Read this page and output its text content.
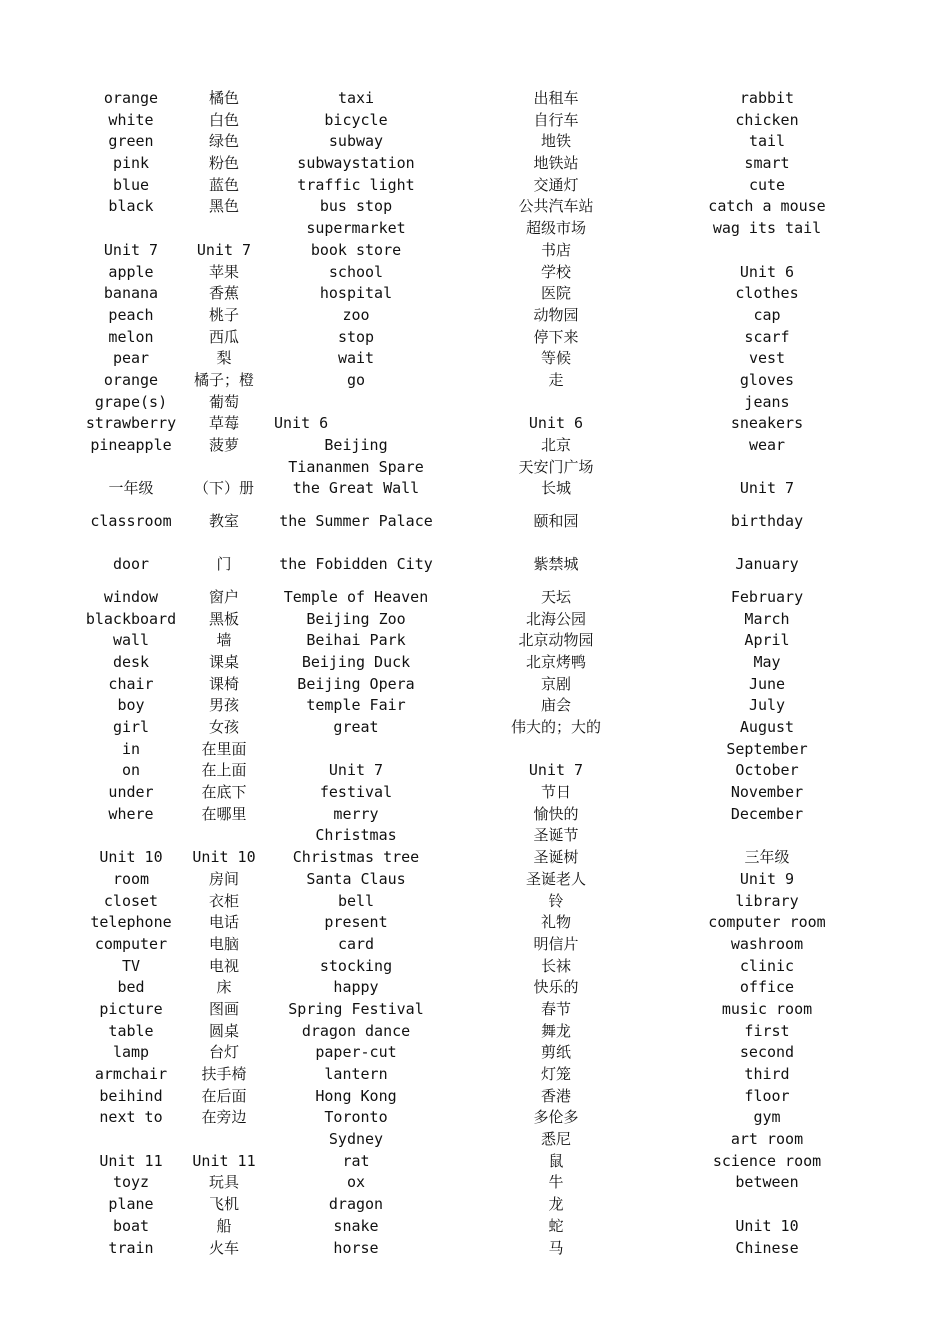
orange	橘色	taxi	出租车	rabbit
white	白色	bicycle	自行车	chicken
green	绿色	subway	地铁	tail
pink	粉色	subwaystation	地铁站	smart
blue	蓝色	traffic light	交通灯	cute
black	黑色	bus stop	公共汽车站	catch a mouse
		supermarket	超级市场	wag its tail
Unit 7	Unit 7	book store	书店	
apple	苹果	school	学校	Unit 6
banana	香蕉	hospital	医院	clothes
peach	桃子	zoo	动物园	cap
melon	西瓜	stop	停下来	scarf
pear	梨	wait	等候	vest
orange	橘子；橙	go	走	gloves
grape(s)	葡萄			jeans
strawberry	草莓	Unit 6	Unit 6	sneakers
pineapple	菠萝	Beijing	北京	wear
		Tiananmen Spare	天安门广场	
一年级	（下）册	the Great Wall	长城	Unit 7
classroom	教室	the Summer Palace	颐和园	birthday
door	门	the Fobidden City	紫禁城	January
window	窗户	Temple of Heaven	天坛	February
blackboard	黑板	Beijing Zoo	北海公园	March
wall	墙	Beihai Park	北京动物园	April
desk	课桌	Beijing Duck	北京烤鸭	May
chair	课椅	Beijing Opera	京剧	June
boy	男孩	temple Fair	庙会	July
girl	女孩	great	伟大的；大的	August
in	在里面			September
on	在上面	Unit 7	Unit 7	October
under	在底下	festival	节日	November
where	在哪里	merry	愉快的	December
		Christmas	圣诞节	
Unit 10	Unit 10	Christmas tree	圣诞树	三年级
room	房间	Santa Claus	圣诞老人	Unit 9
closet	衣柜	bell	铃	library
telephone	电话	present	礼物	computer room
computer	电脑	card	明信片	washroom
TV	电视	stocking	长袜	clinic
bed	床	happy	快乐的	office
picture	图画	Spring Festival	春节	music room
table	圆桌	dragon dance	舞龙	first
lamp	台灯	paper-cut	剪纸	second
armchair	扶手椅	lantern	灯笼	third
beihind	在后面	Hong Kong	香港	floor
next to	在旁边	Toronto	多伦多	gym
		Sydney	悉尼	art room
Unit 11	Unit 11	rat	鼠	science room
toyz	玩具	ox	牛	between
plane	飞机	dragon	龙	
boat	船	snake	蛇	Unit 10
train	火车	horse	马	Chinese
